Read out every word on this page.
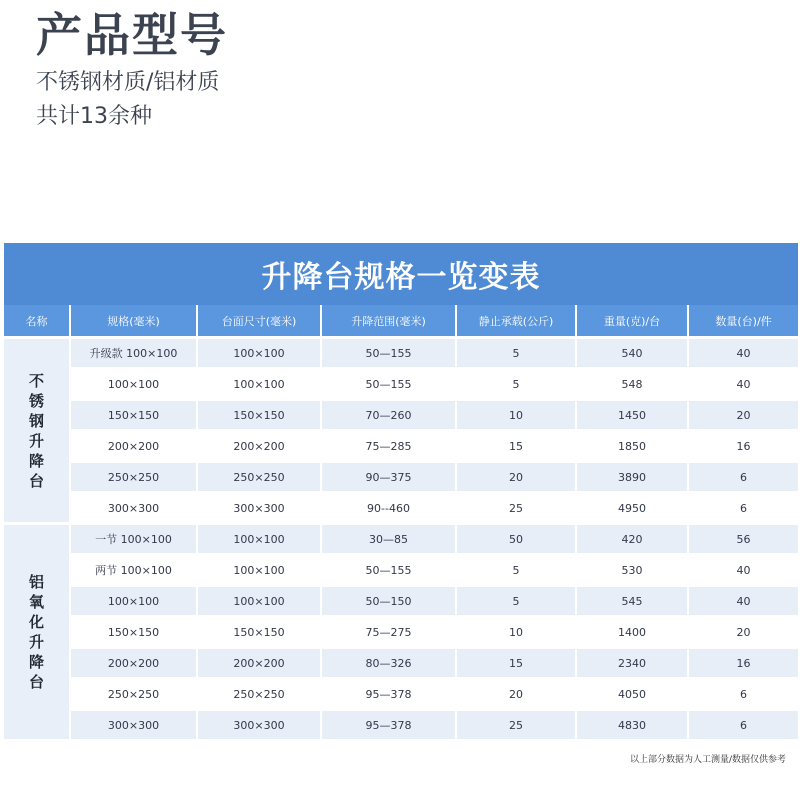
产品型号
不锈钢材质/铝材质
共计13余种
升降台规格一览变表						
名称	规格(毫米)	台面尺寸(毫米)	升降范围(毫米)	静止承载(公斤)	重量(克)/台	数量(台)/件
不锈钢升降台	升级款 100×100	100×100	50—155	5	540	40
	100×100	100×100	50—155	5	548	40
	150×150	150×150	70—260	10	1450	20
	200×200	200×200	75—285	15	1850	16
	250×250	250×250	90—375	20	3890	6
	300×300	300×300	90-‑460	25	4950	6
铝氧化升降台	一节 100×100	100×100	30—85	50	420	56
	两节 100×100	100×100	50—155	5	530	40
	100×100	100×100	50—150	5	545	40
	150×150	150×150	75—275	10	1400	20
	200×200	200×200	80—326	15	2340	16
	250×250	250×250	95—378	20	4050	6
	300×300	300×300	95—378	25	4830	6
以上部分数据为人工测量/数据仅供参考
